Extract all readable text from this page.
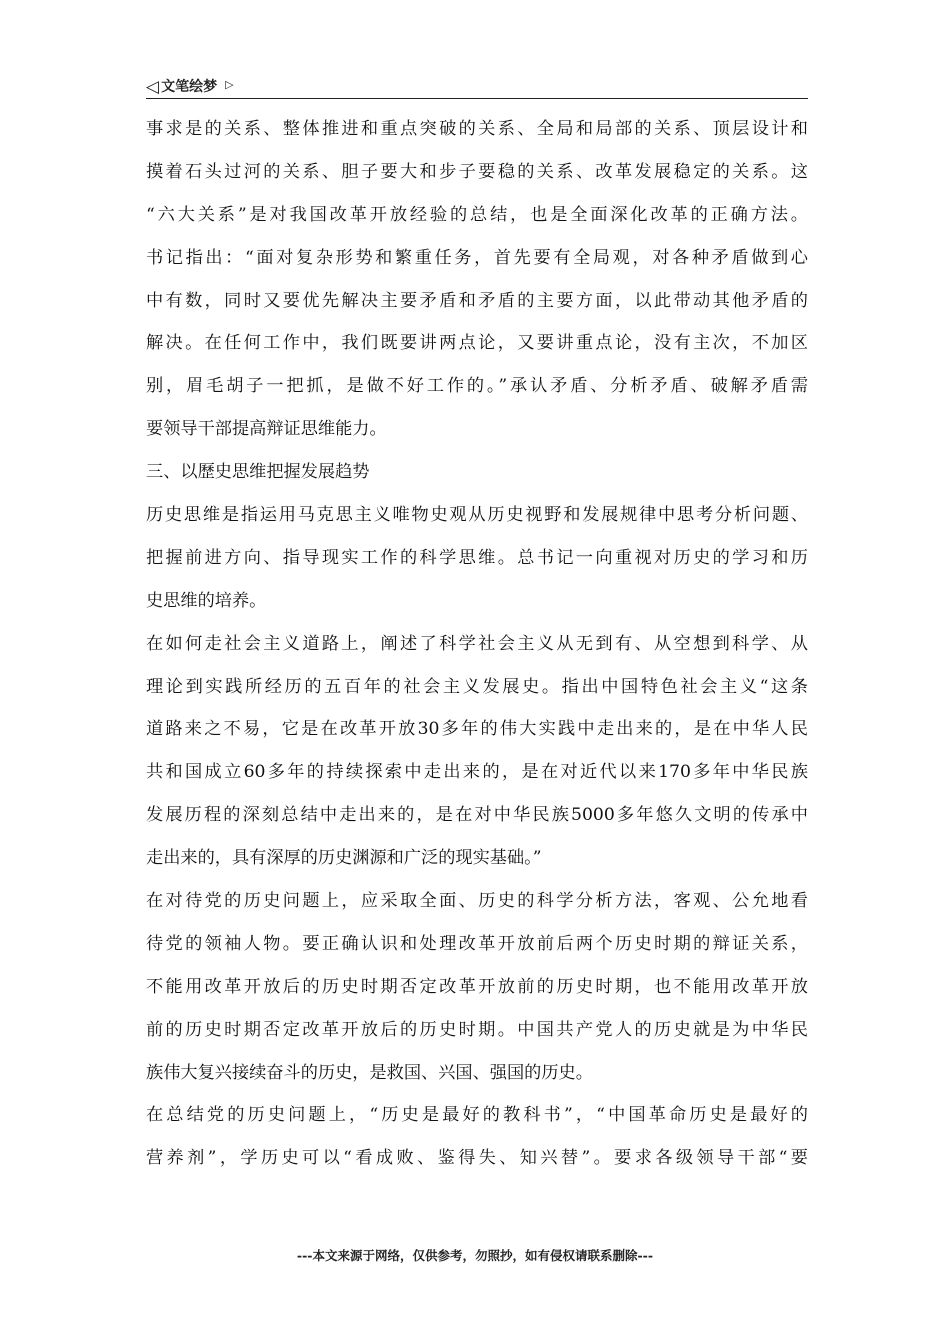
◁ 文笔绘梦 ▷
事求是的关系、整体推进和重点突破的关系、全局和局部的关系、顶层设计和
摸着石头过河的关系、胆子要大和步子要稳的关系、改革发展稳定的关系。这
“六大关系”是对我国改革开放经验的总结，也是全面深化改革的正确方法。
书记指出：“面对复杂形势和繁重任务，首先要有全局观，对各种矛盾做到心
中有数，同时又要优先解决主要矛盾和矛盾的主要方面，以此带动其他矛盾的
解决。在任何工作中，我们既要讲两点论，又要讲重点论，没有主次，不加区
别，眉毛胡子一把抓，是做不好工作的。”承认矛盾、分析矛盾、破解矛盾需
要领导干部提高辩证思维能力。
三、以歷史思维把握发展趋势
历史思维是指运用马克思主义唯物史观从历史视野和发展规律中思考分析问题、
把握前进方向、指导现实工作的科学思维。总书记一向重视对历史的学习和历
史思维的培养。
在如何走社会主义道路上，阐述了科学社会主义从无到有、从空想到科学、从
理论到实践所经历的五百年的社会主义发展史。指出中国特色社会主义“这条
道路来之不易，它是在改革开放30多年的伟大实践中走出来的，是在中华人民
共和国成立60多年的持续探索中走出来的，是在对近代以来170多年中华民族
发展历程的深刻总结中走出来的，是在对中华民族5000多年悠久文明的传承中
走出来的，具有深厚的历史渊源和广泛的现实基础。”
在对待党的历史问题上，应采取全面、历史的科学分析方法，客观、公允地看
待党的领袖人物。要正确认识和处理改革开放前后两个历史时期的辩证关系，
不能用改革开放后的历史时期否定改革开放前的历史时期，也不能用改革开放
前的历史时期否定改革开放后的历史时期。中国共产党人的历史就是为中华民
族伟大复兴接续奋斗的历史，是救国、兴国、强国的历史。
在总结党的历史问题上，“历史是最好的教科书”，“中国革命历史是最好的
营养剂”，学历史可以“看成败、鉴得失、知兴替”。要求各级领导干部“要
---本文来源于网络，仅供参考，勿照抄，如有侵权请联系删除---
